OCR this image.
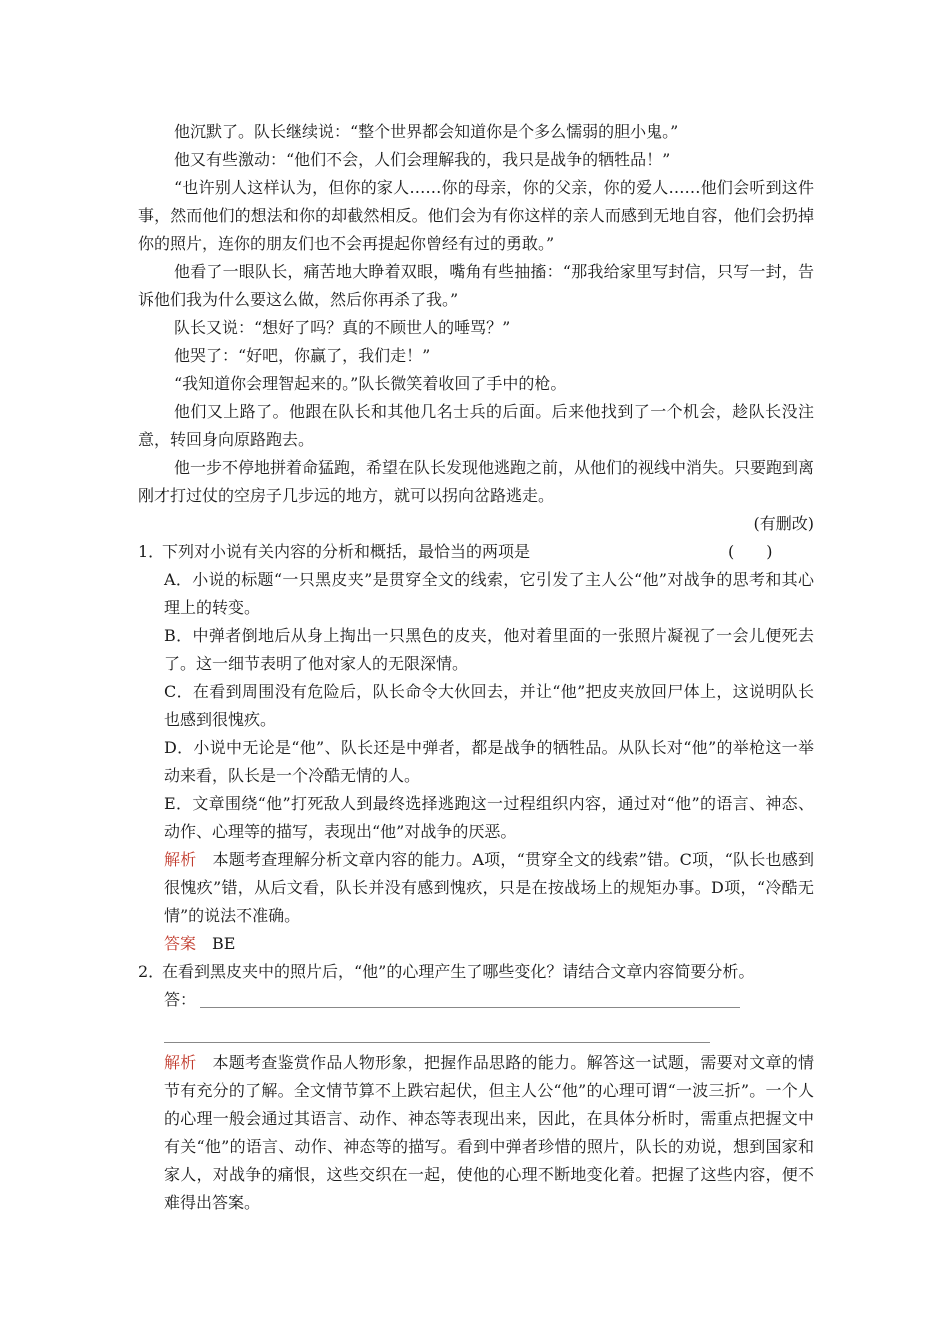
他沉默了。队长继续说：“整个世界都会知道你是个多么懦弱的胆小鬼。”

他又有些激动：“他们不会，人们会理解我的，我只是战争的牺牲品！”

“也许别人这样认为，但你的家人……你的母亲，你的父亲，你的爱人……他们会听到这件事，然而他们的想法和你的却截然相反。他们会为有你这样的亲人而感到无地自容，他们会扔掉你的照片，连你的朋友们也不会再提起你曾经有过的勇敢。”

他看了一眼队长，痛苦地大睁着双眼，嘴角有些抽搐：“那我给家里写封信，只写一封，告诉他们我为什么要这么做，然后你再杀了我。”

队长又说：“想好了吗？真的不顾世人的唾骂？”

他哭了：“好吧，你赢了，我们走！”

“我知道你会理智起来的。”队长微笑着收回了手中的枪。

他们又上路了。他跟在队长和其他几名士兵的后面。后来他找到了一个机会，趁队长没注意，转回身向原路跑去。

他一步不停地拼着命猛跑，希望在队长发现他逃跑之前，从他们的视线中消失。只要跑到离刚才打过仗的空房子几步远的地方，就可以拐向岔路逃走。

(有删改)

1．
下列对小说有关内容的分析和概括，最恰当的两项是	(　　)

A．小说的标题“一只黑皮夹”是贯穿全文的线索，它引发了主人公“他”对战争的思考和其心理上的转变。

B．中弹者倒地后从身上掏出一只黑色的皮夹，他对着里面的一张照片凝视了一会儿便死去了。这一细节表明了他对家人的无限深情。

C．在看到周围没有危险后，队长命令大伙回去，并让“他”把皮夹放回尸体上，这说明队长也感到很愧疚。

D．小说中无论是“他”、队长还是中弹者，都是战争的牺牲品。从队长对“他”的举枪这一举动来看，队长是一个冷酷无情的人。

E．文章围绕“他”打死敌人到最终选择逃跑这一过程组织内容，通过对“他”的语言、神态、动作、心理等的描写，表现出“他”对战争的厌恶。

解析 本题考查理解分析文章内容的能力。A项，“贯穿全文的线索”错。C项，“队长也感到很愧疚”错，从后文看，队长并没有感到愧疚，只是在按战场上的规矩办事。D项，“冷酷无情”的说法不准确。

答案 BE

2．
在看到黑皮夹中的照片后，“他”的心理产生了哪些变化？请结合文章内容简要分析。
答：

解析 本题考查鉴赏作品人物形象，把握作品思路的能力。解答这一试题，需要对文章的情节有充分的了解。全文情节算不上跌宕起伏，但主人公“他”的心理可谓“一波三折”。一个人的心理一般会通过其语言、动作、神态等表现出来，因此，在具体分析时，需重点把握文中有关“他”的语言、动作、神态等的描写。看到中弹者珍惜的照片，队长的劝说，想到国家和家人，对战争的痛恨，这些交织在一起，使他的心理不断地变化着。把握了这些内容，便不难得出答案。
